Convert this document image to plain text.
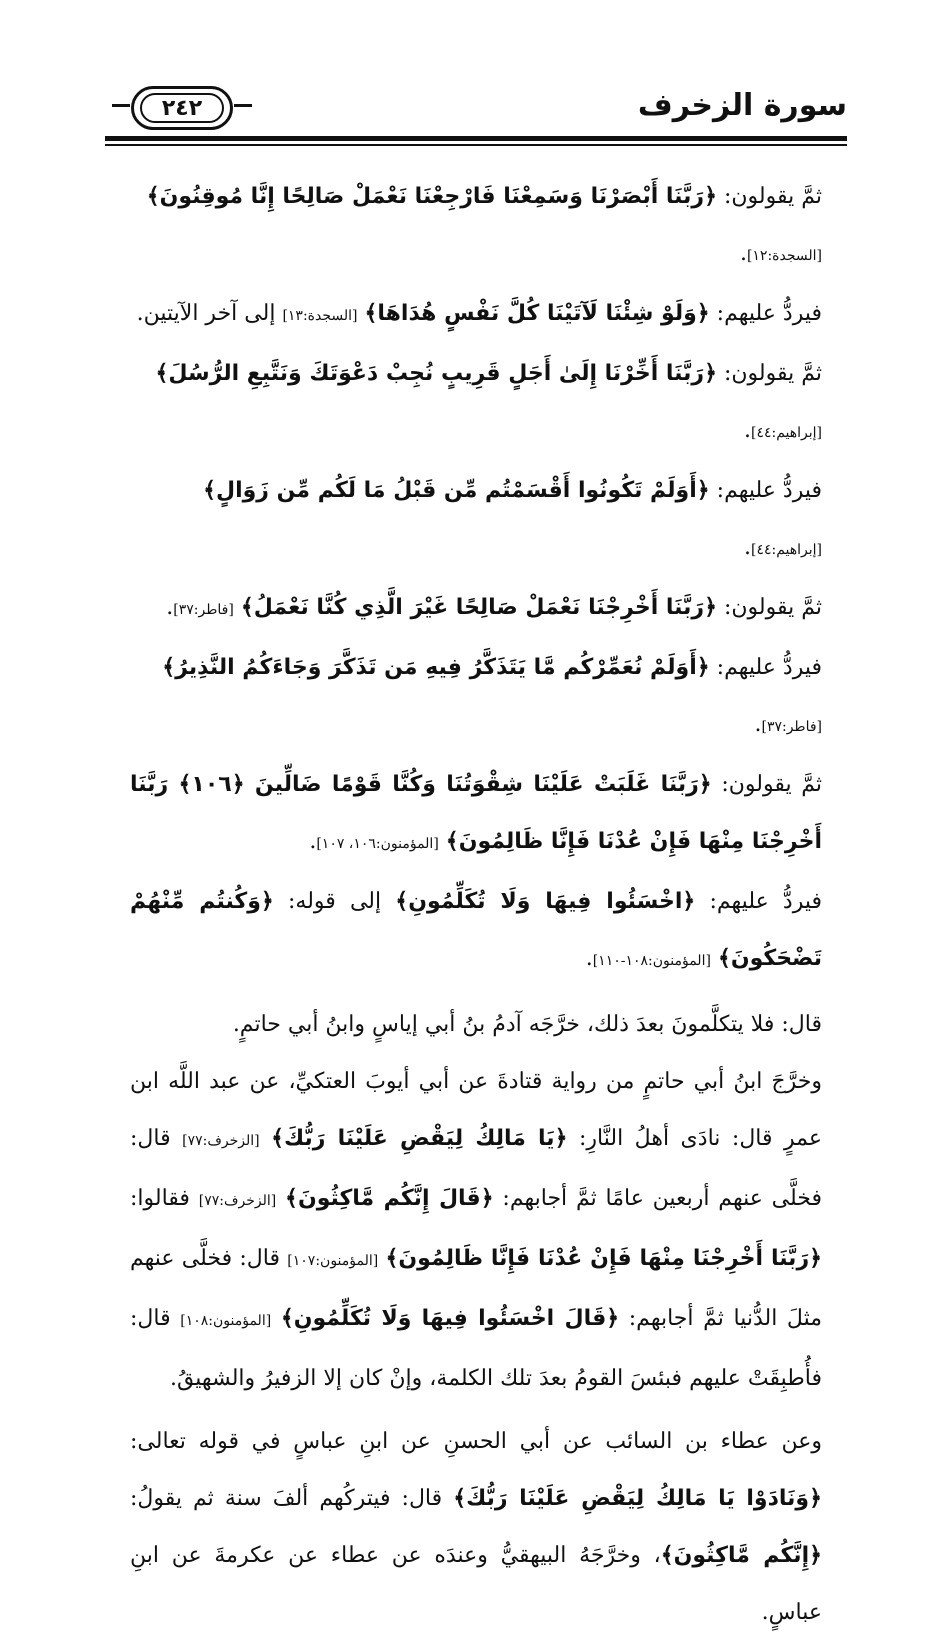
سورة الزخرف
٢٤٢

ثمَّ يقولون: ﴿رَبَّنَا أَبْصَرْنَا وَسَمِعْنَا فَارْجِعْنَا نَعْمَلْ صَالِحًا إِنَّا مُوقِنُونَ﴾ [السجدة:١٢].

فيردُّ عليهم: ﴿وَلَوْ شِئْنَا لَآتَيْنَا كُلَّ نَفْسٍ هُدَاهَا﴾ [السجدة:١٣] إلى آخر الآيتين.

ثمَّ يقولون: ﴿رَبَّنَا أَخِّرْنَا إِلَىٰ أَجَلٍ قَرِيبٍ نُجِبْ دَعْوَتَكَ وَنَتَّبِعِ الرُّسُلَ﴾ [إبراهيم:٤٤].

فيردُّ عليهم: ﴿أَوَلَمْ تَكُونُوا أَقْسَمْتُم مِّن قَبْلُ مَا لَكُم مِّن زَوَالٍ﴾ [إبراهيم:٤٤].

ثمَّ يقولون: ﴿رَبَّنَا أَخْرِجْنَا نَعْمَلْ صَالِحًا غَيْرَ الَّذِي كُنَّا نَعْمَلُ﴾ [فاطر:٣٧].

فيردُّ عليهم: ﴿أَوَلَمْ نُعَمِّرْكُم مَّا يَتَذَكَّرُ فِيهِ مَن تَذَكَّرَ وَجَاءَكُمُ النَّذِيرُ﴾ [فاطر:٣٧].

ثمَّ يقولون: ﴿رَبَّنَا غَلَبَتْ عَلَيْنَا شِقْوَتُنَا وَكُنَّا قَوْمًا ضَالِّينَ ﴿١٠٦﴾ رَبَّنَا أَخْرِجْنَا مِنْهَا فَإِنْ عُدْنَا فَإِنَّا ظَالِمُونَ﴾ [المؤمنون:١٠٦، ١٠٧].

فيردُّ عليهم: ﴿اخْسَئُوا فِيهَا وَلَا تُكَلِّمُونِ﴾ إلى قوله: ﴿وَكُنتُم مِّنْهُمْ تَضْحَكُونَ﴾ [المؤمنون:١٠٨-١١٠].

قال: فلا يتكلَّمونَ بعدَ ذلك، خرَّجَه آدمُ بنُ أبي إياسٍ وابنُ أبي حاتمٍ.

وخرَّجَ ابنُ أبي حاتمٍ من رواية قتادةَ عن أبي أيوبَ العتكيِّ، عن عبد اللَّه ابن عمرٍ قال: نادَى أهلُ النَّارِ: ﴿يَا مَالِكُ لِيَقْضِ عَلَيْنَا رَبُّكَ﴾ [الزخرف:٧٧] قال: فخلَّى عنهم أربعين عامًا ثمَّ أجابهم: ﴿قَالَ إِنَّكُم مَّاكِثُونَ﴾ [الزخرف:٧٧] فقالوا: ﴿رَبَّنَا أَخْرِجْنَا مِنْهَا فَإِنْ عُدْنَا فَإِنَّا ظَالِمُونَ﴾ [المؤمنون:١٠٧] قال: فخلَّى عنهم مثلَ الدُّنيا ثمَّ أجابهم: ﴿قَالَ اخْسَئُوا فِيهَا وَلَا تُكَلِّمُونِ﴾ [المؤمنون:١٠٨] قال: فأُطبِقَتْ عليهم فبئسَ القومُ بعدَ تلك الكلمة، وإنْ كان إلا الزفيرُ والشهيقُ.

وعن عطاء بن السائب عن أبي الحسنِ عن ابنِ عباسٍ في قوله تعالى: ﴿وَنَادَوْا يَا مَالِكُ لِيَقْضِ عَلَيْنَا رَبُّكَ﴾ قال: فيتركُهم ألفَ سنة ثم يقولُ: ﴿إِنَّكُم مَّاكِثُونَ﴾، وخرَّجَهُ البيهقيُّ وعندَه عن عطاء عن عكرمةَ عن ابنِ عباسٍ.
